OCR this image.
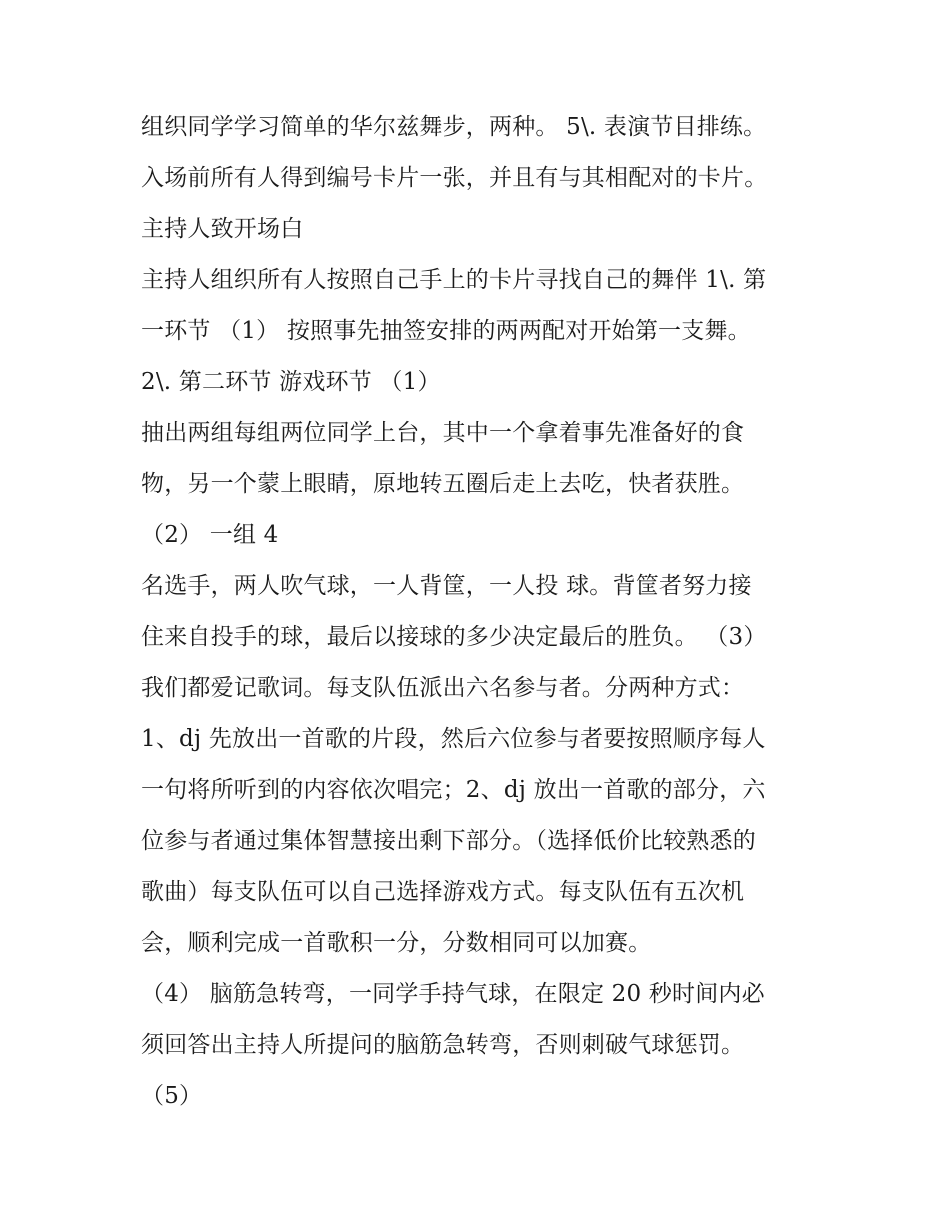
组织同学学习简单的华尔兹舞步，两种。 5\. 表演节目排练。
入场前所有人得到编号卡片一张，并且有与其相配对的卡片。
主持人致开场白
主持人组织所有人按照自己手上的卡片寻找自己的舞伴 1\. 第
一环节 （1） 按照事先抽签安排的两两配对开始第一支舞。
2\. 第二环节 游戏环节 （1）
抽出两组每组两位同学上台，其中一个拿着事先准备好的食
物，另一个蒙上眼睛，原地转五圈后走上去吃，快者获胜。
（2） 一组 4
名选手，两人吹气球，一人背筐，一人投 球。背筐者努力接
住来自投手的球，最后以接球的多少决定最后的胜负。 （3）
我们都爱记歌词。每支队伍派出六名参与者。分两种方式：
1、dj 先放出一首歌的片段，然后六位参与者要按照顺序每人
一句将所听到的内容依次唱完；2、dj 放出一首歌的部分，六
位参与者通过集体智慧接出剩下部分。（选择低价比较熟悉的
歌曲）每支队伍可以自己选择游戏方式。每支队伍有五次机
会，顺利完成一首歌积一分，分数相同可以加赛。
（4） 脑筋急转弯，一同学手持气球，在限定 20 秒时间内必
须回答出主持人所提问的脑筋急转弯，否则刺破气球惩罚。
（5）
